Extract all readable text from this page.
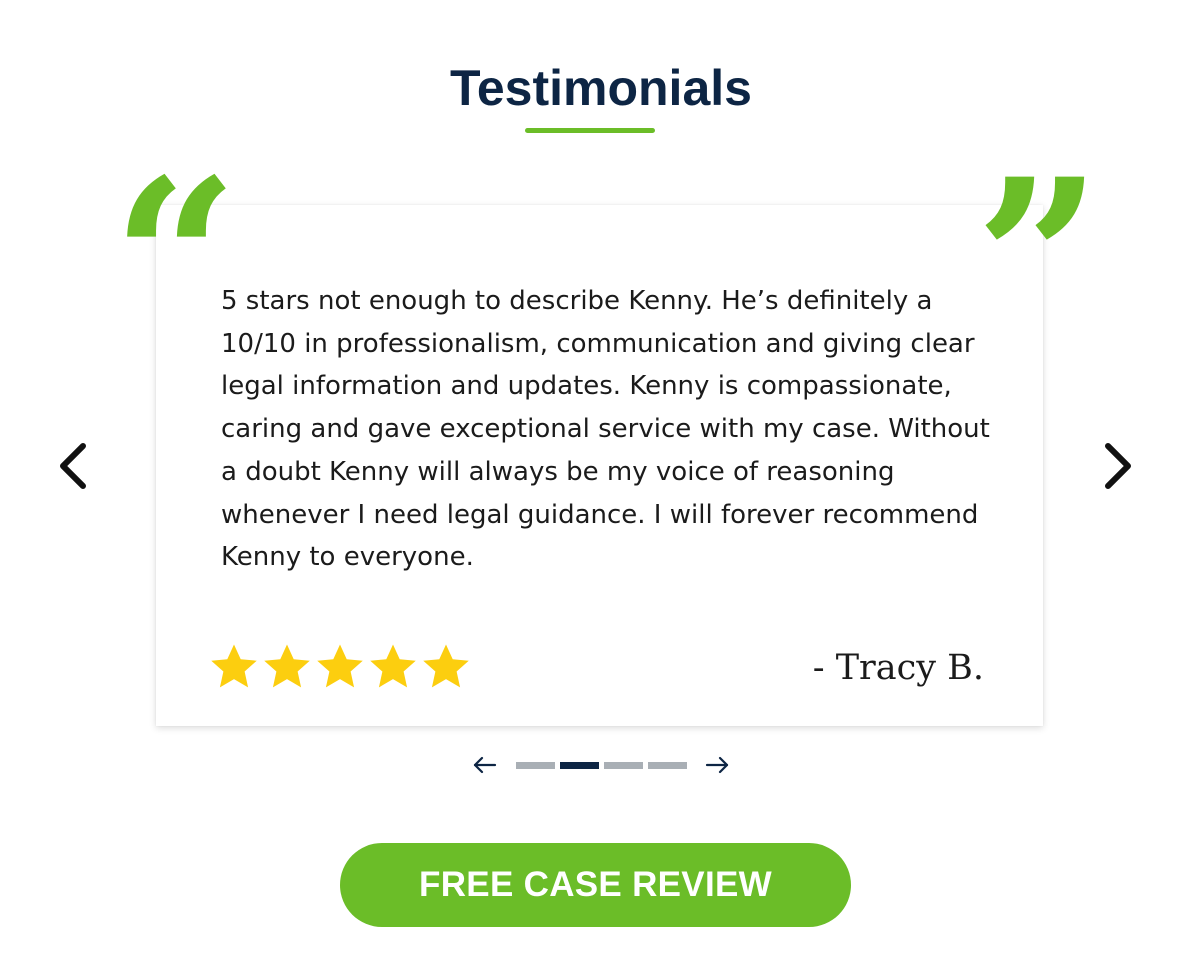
Testimonials
“	”

5 stars not enough to describe Kenny. He’s definitely a 10/10 in professionalism, communication and giving clear legal information and updates. Kenny is compassionate, caring and gave exceptional service with my case. Without a doubt Kenny will always be my voice of reasoning whenever I need legal guidance. I will forever recommend Kenny to everyone.

- Tracy B.
FREE CASE REVIEW
